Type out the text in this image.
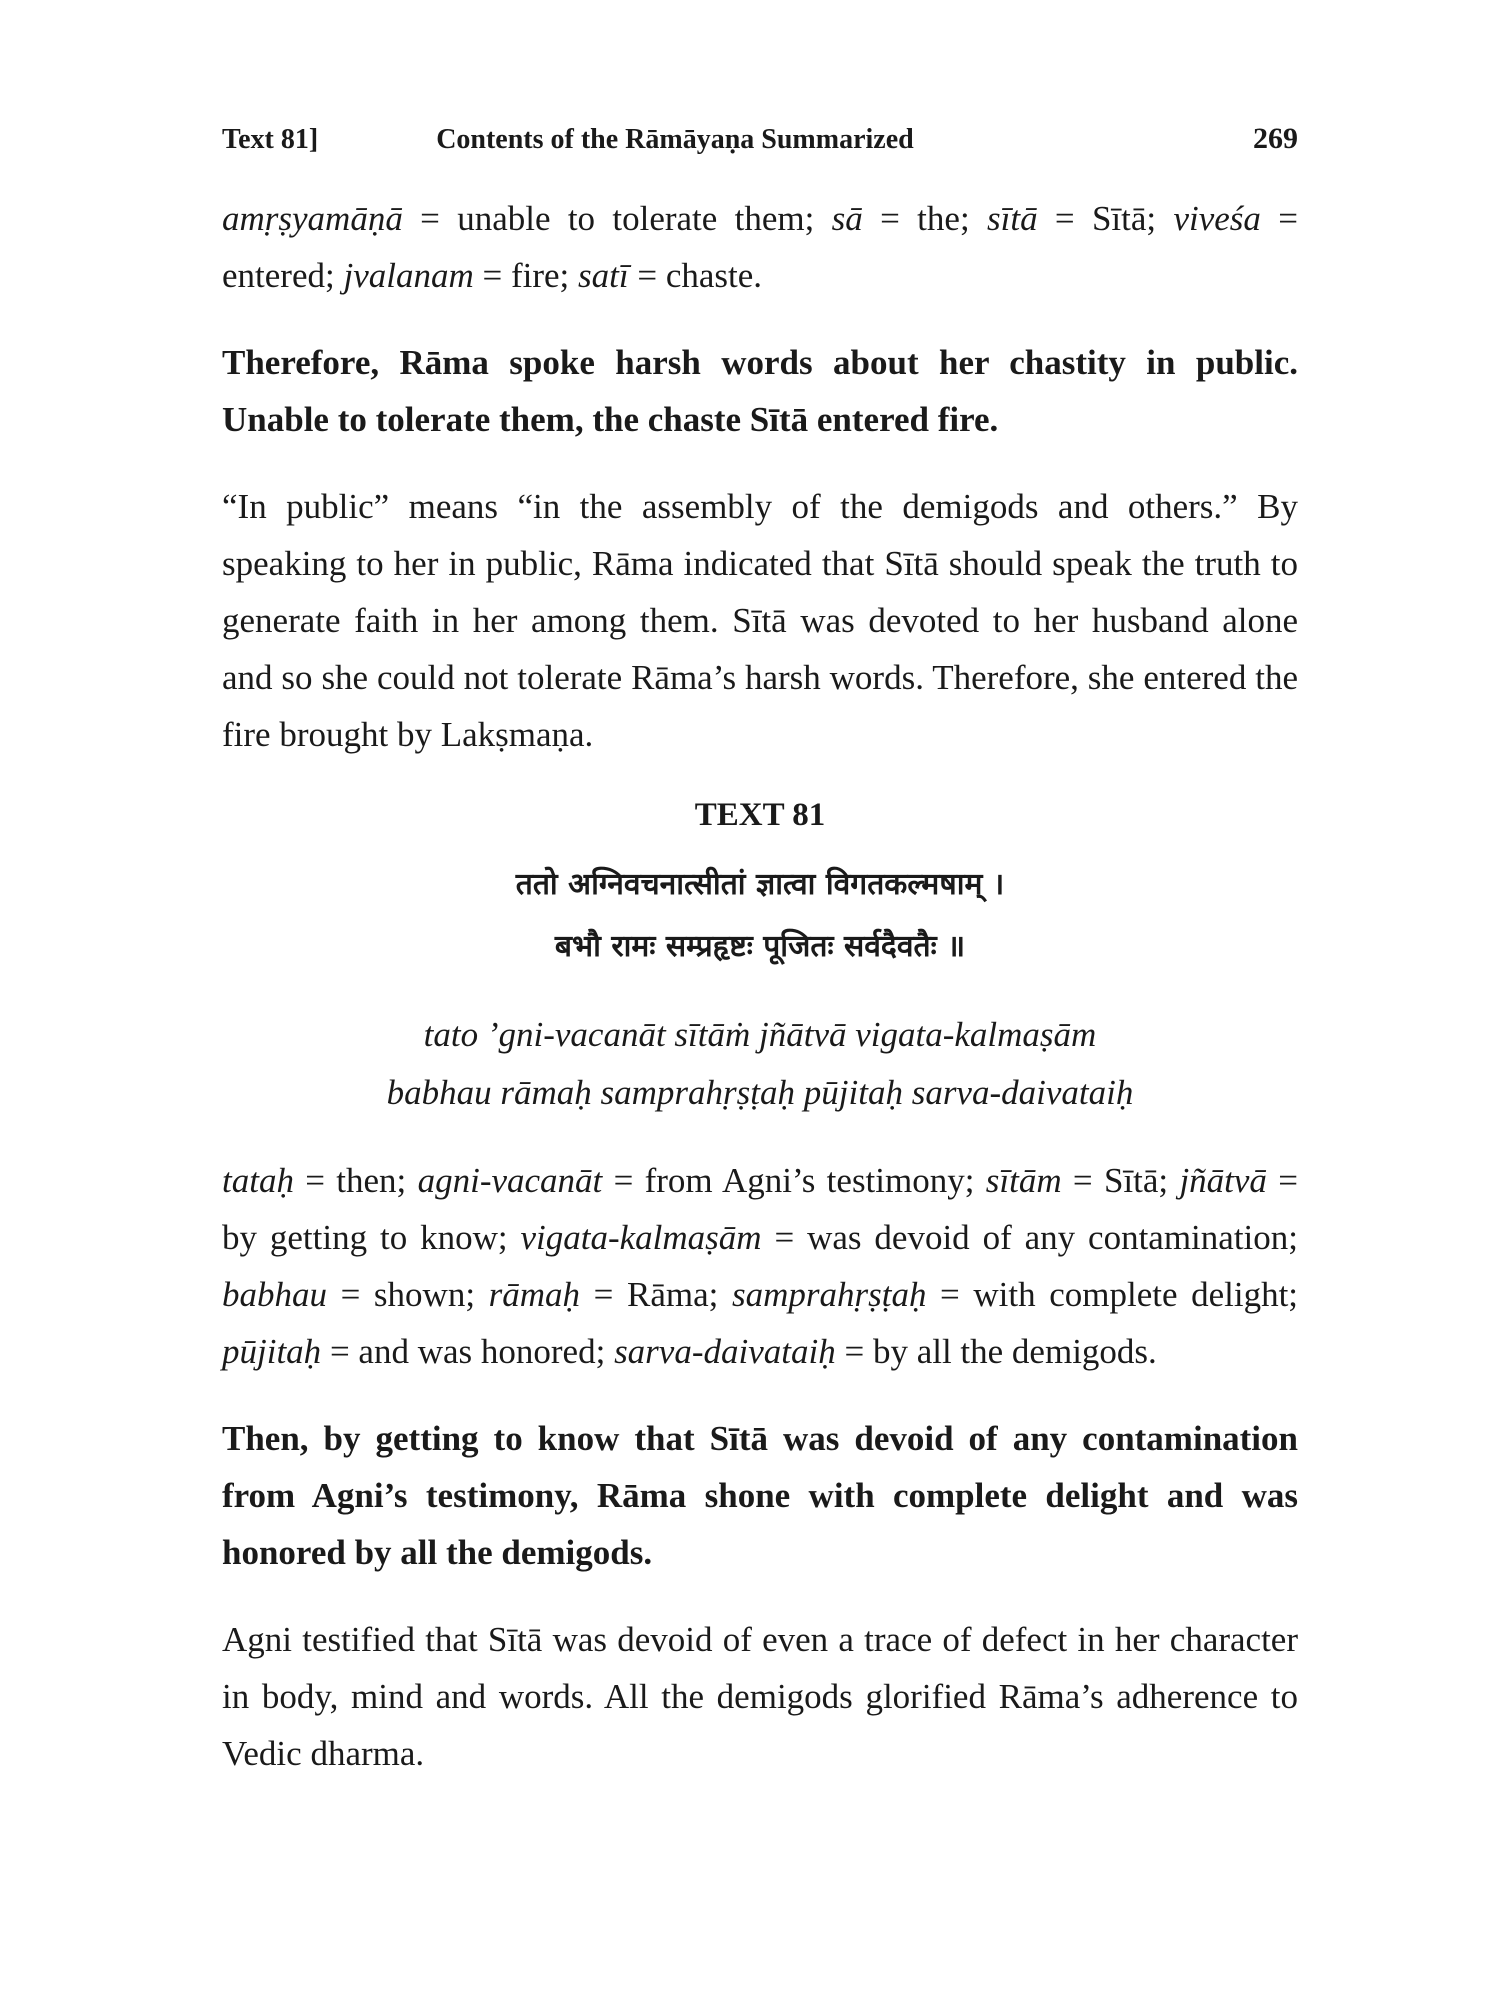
Text 81]	Contents of the Rāmāyaṇa Summarized	269

amṛṣyamāṇā = unable to tolerate them; sā = the; sītā = Sītā; viveśa = entered; jvalanam = fire; satī = chaste.

Therefore, Rāma spoke harsh words about her chastity in public. Unable to tolerate them, the chaste Sītā entered fire.

“In public” means “in the assembly of the demigods and others.” By speaking to her in public, Rāma indicated that Sītā should speak the truth to generate faith in her among them. Sītā was devoted to her husband alone and so she could not tolerate Rāma’s harsh words. Therefore, she entered the fire brought by Lakṣmaṇa.

TEXT 81
ततो अग्निवचनात्सीतां ज्ञात्वा विगतकल्मषाम् ।
बभौ रामः सम्प्रहृष्टः पूजितः सर्वदैवतैः ॥
tato ’gni-vacanāt sītāṁ jñātvā vigata-kalmaṣām
babhau rāmaḥ samprahṛṣṭaḥ pūjitaḥ sarva-daivataiḥ

tataḥ = then; agni-vacanāt = from Agni’s testimony; sītām = Sītā; jñātvā = by getting to know; vigata-kalmaṣām = was devoid of any contamination; babhau = shown; rāmaḥ = Rāma; samprahṛṣṭaḥ = with complete delight; pūjitaḥ = and was honored; sarva-daivataiḥ = by all the demigods.

Then, by getting to know that Sītā was devoid of any contamination from Agni’s testimony, Rāma shone with complete delight and was honored by all the demigods.

Agni testified that Sītā was devoid of even a trace of defect in her character in body, mind and words. All the demigods glorified Rāma’s adherence to Vedic dharma.
